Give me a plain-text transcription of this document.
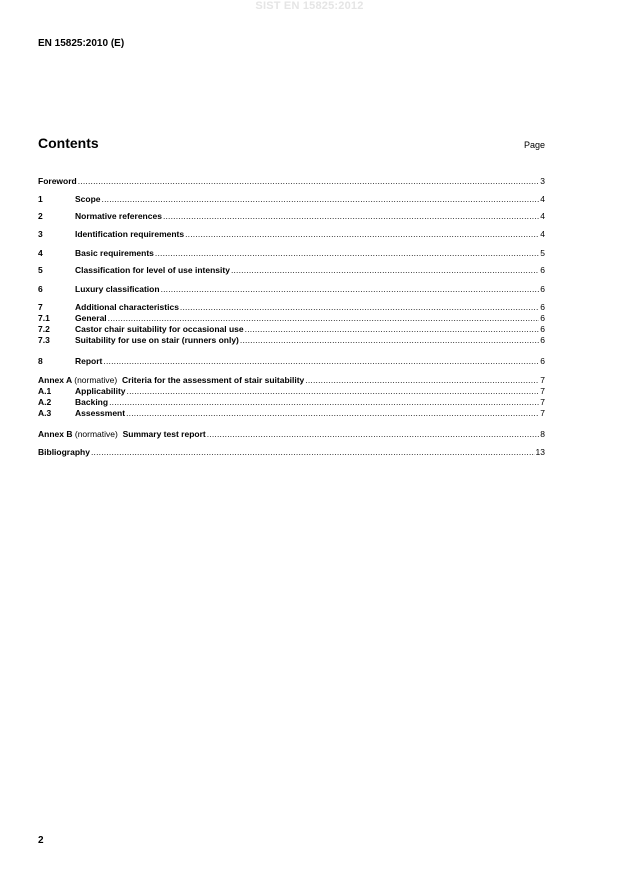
SIST EN 15825:2012
EN 15825:2010 (E)
Contents	Page
Foreword .....	3
1	Scope .....	4
2	Normative references .....	4
3	Identification requirements .....	4
4	Basic requirements .....	5
5	Classification for level of use intensity .....	6
6	Luxury classification .....	6
7	Additional characteristics .....	6
7.1	General .....	6
7.2	Castor chair suitability for occasional use .....	6
7.3	Suitability for use on stair (runners only) .....	6
8	Report .....	6
Annex A (normative) Criteria for the assessment of stair suitability .....	7
A.1	Applicability .....	7
A.2	Backing .....	7
A.3	Assessment .....	7
Annex B (normative) Summary test report .....	8
Bibliography .....	13
2
